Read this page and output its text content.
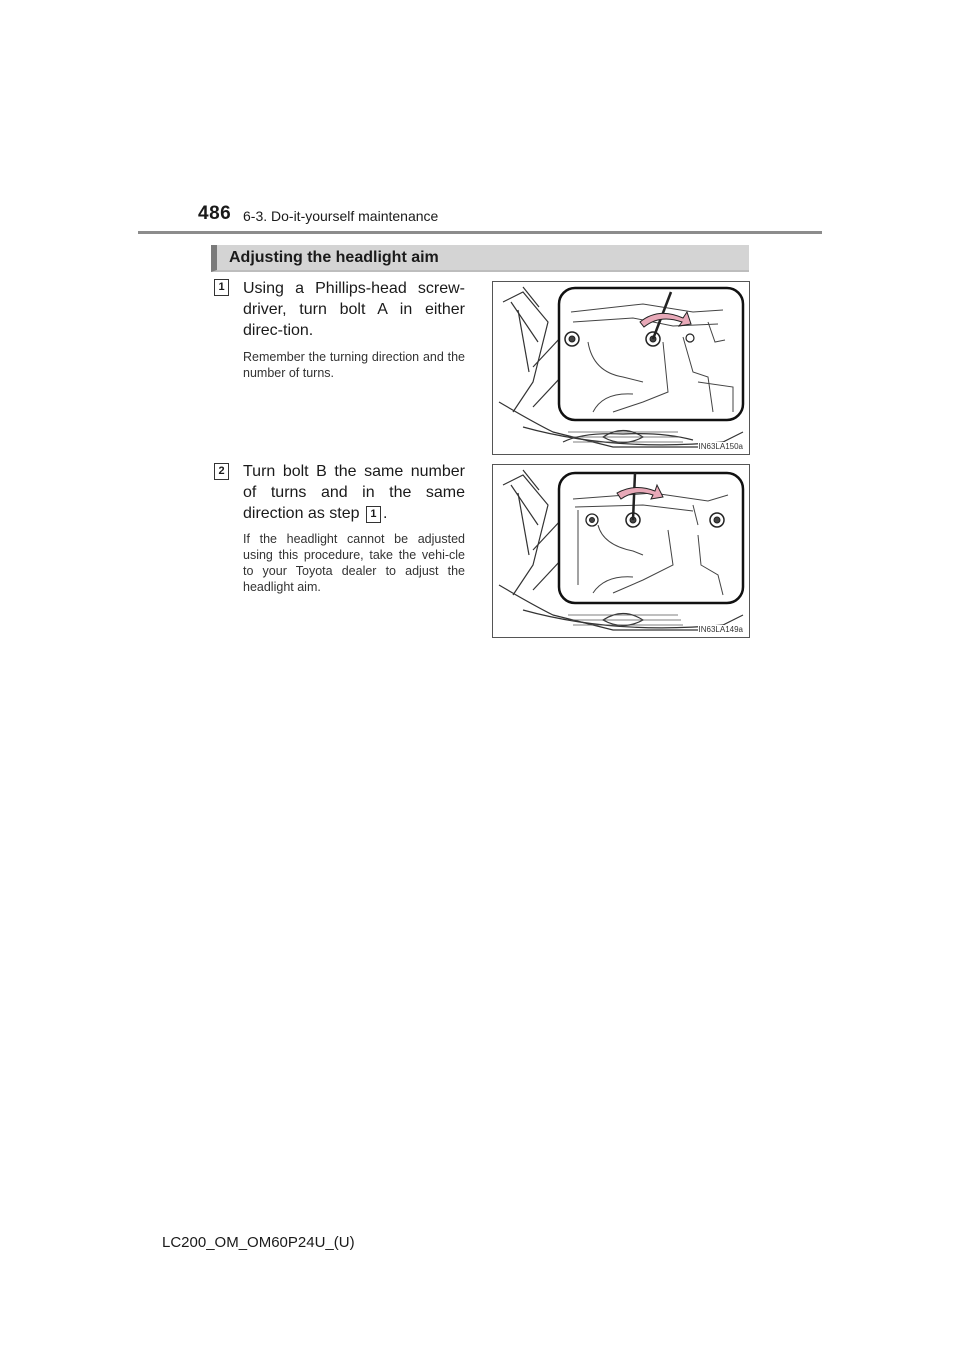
486 6-3. Do-it-yourself maintenance
Adjusting the headlight aim
1 Using a Phillips-head screw-driver, turn bolt A in either direc-tion.
Remember the turning direction and the number of turns.
IN63LA150a
2 Turn bolt B the same number of turns and in the same direction as step 1 .
If the headlight cannot be adjusted using this procedure, take the vehi-cle to your Toyota dealer to adjust the headlight aim.
IN63LA149a
LC200_OM_OM60P24U_(U)
